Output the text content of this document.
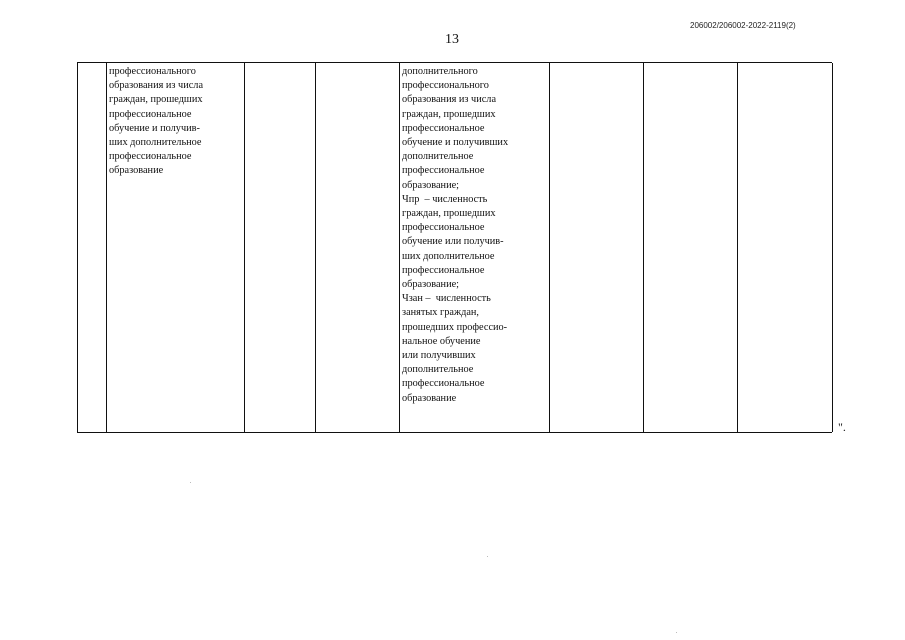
206002/206002-2022-2119(2)
13

профессионального
образования из числа
граждан, прошедших
профессиональное
обучение и получив-
ших дополнительное
профессиональное
образование

дополнительного
профессионального
образования из числа
граждан, прошедших
профессиональное
обучение и получивших
дополнительное
профессиональное
образование;
Чпр  – численность
граждан, прошедших
профессиональное
обучение или получив-
ших дополнительное
профессиональное
образование;
Чзан –  численность
занятых граждан,
прошедших профессио-
нальное обучение
или получивших
дополнительное
профессиональное
образование

".
